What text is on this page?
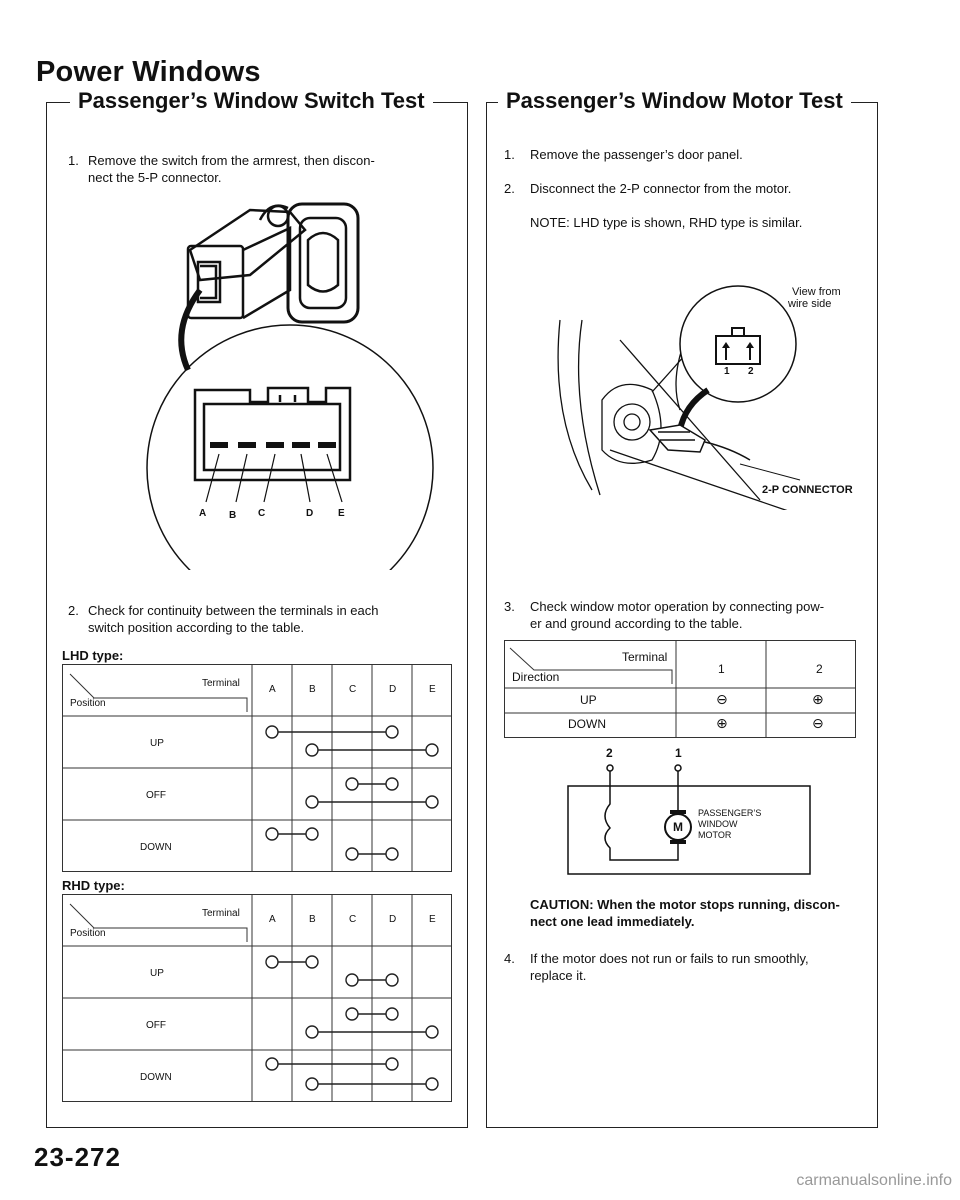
Power Windows
Passenger’s Window Switch Test
1. Remove the switch from the armrest, then discon-
nect the 5-P connector.
A B C	D E
2. Check for continuity between the terminals in each
switch position according to the table.
LHD type:
Terminal
Position
A	B	C	D	E
UP
OFF
DOWN
RHD type:
Terminal
Position
A	B	C	D	E
UP
OFF
DOWN
Passenger’s Window Motor Test
1. Remove the passenger’s door panel.
2. Disconnect the 2-P connector from the motor.
NOTE: LHD type is shown, RHD type is similar.
View from
wire side
1 2
2-P CONNECTOR
3. Check window motor operation by connecting pow-
er and ground according to the table.
Terminal
Direction
1	2
UP	⊖	⊕
DOWN	⊕	⊖
2	1
M
PASSENGER’S
WINDOW
MOTOR
CAUTION: When the motor stops running, discon-
nect one lead immediately.
4. If the motor does not run or fails to run smoothly,
replace it.
23-272
carmanualsonline.info
